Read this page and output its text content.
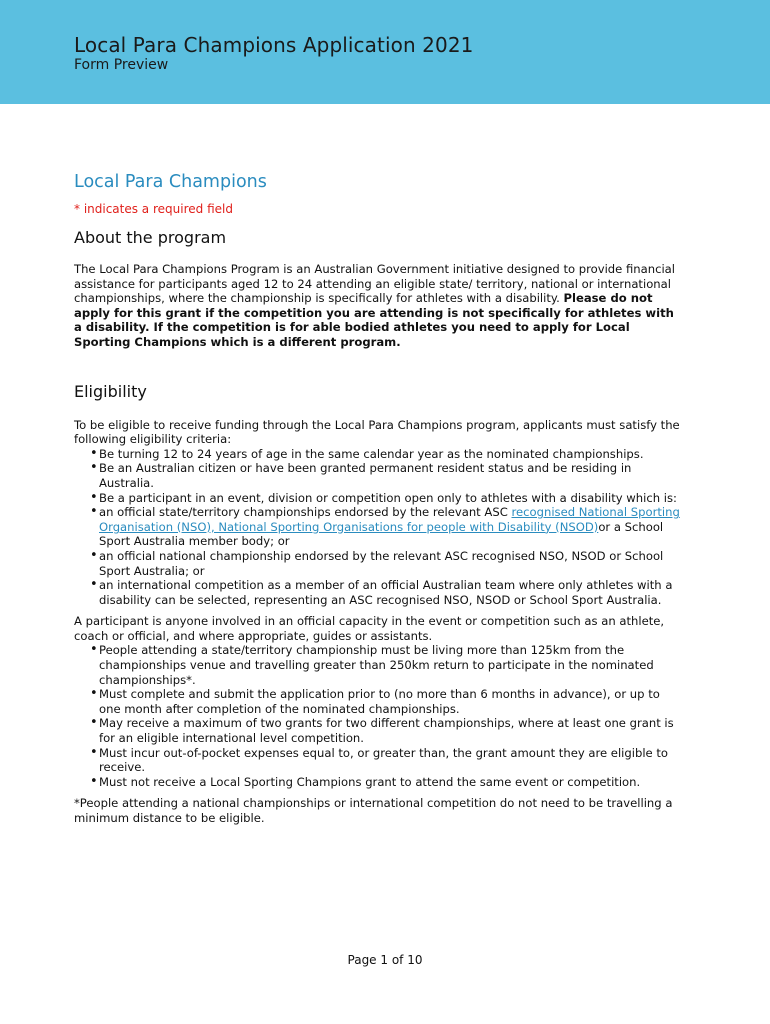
Local Para Champions Application 2021
Form Preview
Local Para Champions
* indicates a required field
About the program

The Local Para Champions Program is an Australian Government initiative designed to provide financial assistance for participants aged 12 to 24 attending an eligible state/ territory, national or international championships, where the championship is specifically for athletes with a disability. Please do not apply for this grant if the competition you are attending is not specifically for athletes with a disability. If the competition is for able bodied athletes you need to apply for Local Sporting Champions which is a different program.

Eligibility

To be eligible to receive funding through the Local Para Champions program, applicants must satisfy the following eligibility criteria:

• Be turning 12 to 24 years of age in the same calendar year as the nominated championships.
• Be an Australian citizen or have been granted permanent resident status and be residing in Australia.
• Be a participant in an event, division or competition open only to athletes with a disability which is:
• an official state/territory championships endorsed by the relevant ASC recognised National Sporting Organisation (NSO), National Sporting Organisations for people with Disability (NSOD)or a School Sport Australia member body; or
• an official national championship endorsed by the relevant ASC recognised NSO, NSOD or School Sport Australia; or
• an international competition as a member of an official Australian team where only athletes with a disability can be selected, representing an ASC recognised NSO, NSOD or School Sport Australia.

A participant is anyone involved in an official capacity in the event or competition such as an athlete, coach or official, and where appropriate, guides or assistants.

• People attending a state/territory championship must be living more than 125km from the championships venue and travelling greater than 250km return to participate in the nominated championships*.
• Must complete and submit the application prior to (no more than 6 months in advance), or up to one month after completion of the nominated championships.
• May receive a maximum of two grants for two different championships, where at least one grant is for an eligible international level competition.
• Must incur out-of-pocket expenses equal to, or greater than, the grant amount they are eligible to receive.
• Must not receive a Local Sporting Champions grant to attend the same event or competition.

*People attending a national championships or international competition do not need to be travelling a minimum distance to be eligible.

Page 1 of 10
